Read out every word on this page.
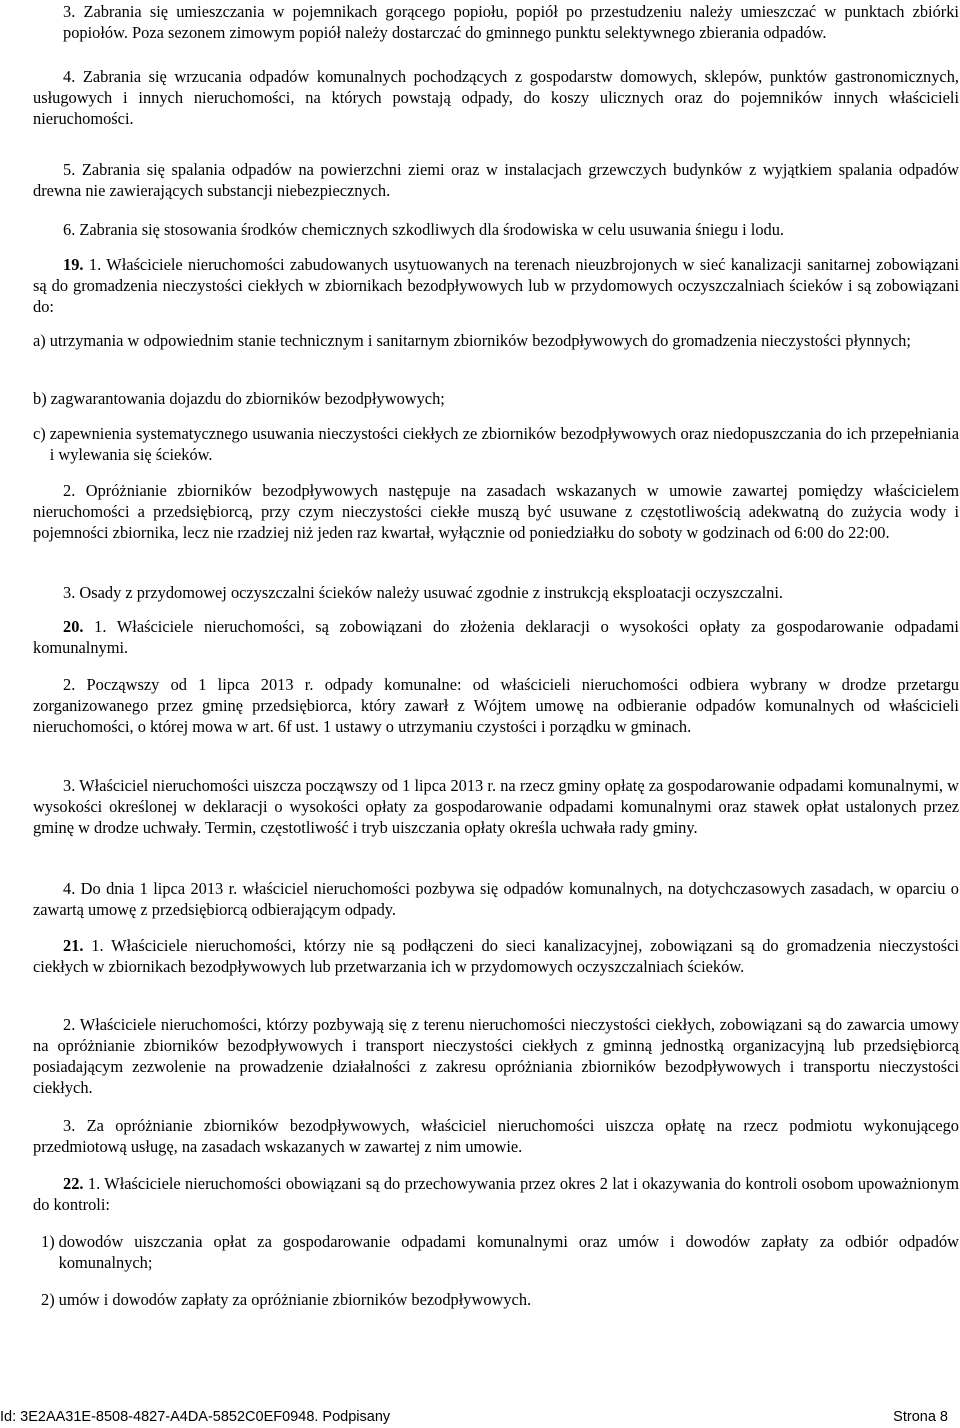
3. Zabrania się umieszczania w pojemnikach gorącego popiołu, popiół po przestudzeniu należy umieszczać w punktach zbiórki popiołów. Poza sezonem zimowym popiół należy dostarczać do gminnego punktu selektywnego zbierania odpadów.

4. Zabrania się wrzucania odpadów komunalnych pochodzących z gospodarstw domowych, sklepów, punktów gastronomicznych, usługowych i innych nieruchomości, na których powstają odpady, do koszy ulicznych oraz do pojemników innych właścicieli nieruchomości.

5. Zabrania się spalania odpadów na powierzchni ziemi oraz w instalacjach grzewczych budynków z wyjątkiem spalania odpadów drewna nie zawierających substancji niebezpiecznych.

6. Zabrania się stosowania środków chemicznych szkodliwych dla środowiska w celu usuwania śniegu i lodu.

19. 1. Właściciele nieruchomości zabudowanych usytuowanych na terenach nieuzbrojonych w sieć kanalizacji sanitarnej zobowiązani są do gromadzenia nieczystości ciekłych w zbiornikach bezodpływowych lub w przydomowych oczyszczalniach ścieków i są zobowiązani do:

a) utrzymania w odpowiednim stanie technicznym i sanitarnym zbiorników bezodpływowych do gromadzenia nieczystości płynnych;
b) zagwarantowania dojazdu do zbiorników bezodpływowych;
c) zapewnienia systematycznego usuwania nieczystości ciekłych ze zbiorników bezodpływowych oraz niedopuszczania do ich przepełniania i wylewania się ścieków.

2. Opróżnianie zbiorników bezodpływowych następuje na zasadach wskazanych w umowie zawartej pomiędzy właścicielem nieruchomości a przedsiębiorcą, przy czym nieczystości ciekłe muszą być usuwane z częstotliwością adekwatną do zużycia wody i pojemności zbiornika, lecz nie rzadziej niż jeden raz kwartał, wyłącznie od poniedziałku do soboty w godzinach od 6:00 do 22:00.

3. Osady z przydomowej oczyszczalni ścieków należy usuwać zgodnie z instrukcją eksploatacji oczyszczalni.

20. 1. Właściciele nieruchomości, są zobowiązani do złożenia deklaracji o wysokości opłaty za gospodarowanie odpadami komunalnymi.

2. Począwszy od 1 lipca 2013 r. odpady komunalne: od właścicieli nieruchomości odbiera wybrany w drodze przetargu zorganizowanego przez gminę przedsiębiorca, który zawarł z Wójtem umowę na odbieranie odpadów komunalnych od właścicieli nieruchomości, o której mowa w art. 6f ust. 1 ustawy o utrzymaniu czystości i porządku w gminach.

3. Właściciel nieruchomości uiszcza począwszy od 1 lipca 2013 r. na rzecz gminy opłatę za gospodarowanie odpadami komunalnymi, w wysokości określonej w deklaracji o wysokości opłaty za gospodarowanie odpadami komunalnymi oraz stawek opłat ustalonych przez gminę w drodze uchwały. Termin, częstotliwość i tryb uiszczania opłaty określa uchwała rady gminy.

4. Do dnia 1 lipca 2013 r. właściciel nieruchomości pozbywa się odpadów komunalnych, na dotychczasowych zasadach, w oparciu o zawartą umowę z przedsiębiorcą odbierającym odpady.

21. 1. Właściciele nieruchomości, którzy nie są podłączeni do sieci kanalizacyjnej, zobowiązani są do gromadzenia nieczystości ciekłych w zbiornikach bezodpływowych lub przetwarzania ich w przydomowych oczyszczalniach ścieków.

2. Właściciele nieruchomości, którzy pozbywają się z terenu nieruchomości nieczystości ciekłych, zobowiązani są do zawarcia umowy na opróżnianie zbiorników bezodpływowych i transport nieczystości ciekłych z gminną jednostką organizacyjną lub przedsiębiorcą posiadającym zezwolenie na prowadzenie działalności z zakresu opróżniania zbiorników bezodpływowych i transportu nieczystości ciekłych.

3. Za opróżnianie zbiorników bezodpływowych, właściciel nieruchomości uiszcza opłatę na rzecz podmiotu wykonującego przedmiotową usługę, na zasadach wskazanych w zawartej z nim umowie.

22. 1. Właściciele nieruchomości obowiązani są do przechowywania przez okres 2 lat i okazywania do kontroli osobom upoważnionym do kontroli:

1) dowodów uiszczania opłat za gospodarowanie odpadami komunalnymi oraz umów i dowodów zapłaty za odbiór odpadów komunalnych;
2) umów i dowodów zapłaty za opróżnianie zbiorników bezodpływowych.
Id: 3E2AA31E-8508-4827-A4DA-5852C0EF0948. Podpisany	Strona 8
